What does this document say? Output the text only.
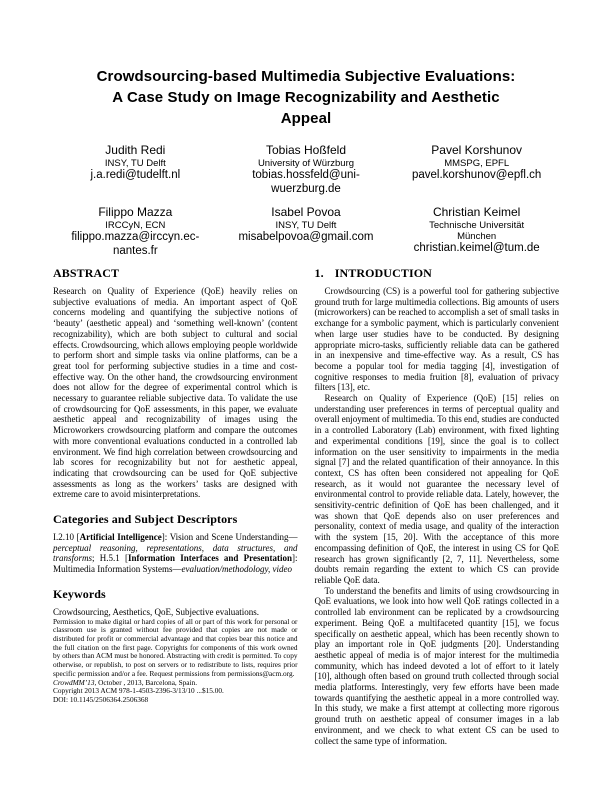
Crowdsourcing-based Multimedia Subjective Evaluations:
A Case Study on Image Recognizability and Aesthetic
Appeal
Judith Redi
INSY, TU Delft
j.a.redi@tudelft.nl
Tobias Hoßfeld
University of Würzburg
tobias.hossfeld@uni-
wuerzburg.de
Pavel Korshunov
MMSPG, EPFL
pavel.korshunov@epfl.ch
Filippo Mazza
IRCCyN, ECN
filippo.mazza@irccyn.ec-
nantes.fr
Isabel Povoa
INSY, TU Delft
misabelpovoa@gmail.com
Christian Keimel
Technische Universität
München
christian.keimel@tum.de
ABSTRACT

Research on Quality of Experience (QoE) heavily relies on subjective evaluations of media. An important aspect of QoE concerns modeling and quantifying the subjective notions of ‘beauty’ (aesthetic appeal) and ‘something well-known’ (content recognizability), which are both subject to cultural and social effects. Crowdsourcing, which allows employing people worldwide to perform short and simple tasks via online platforms, can be a great tool for performing subjective studies in a time and cost-effective way. On the other hand, the crowdsourcing environment does not allow for the degree of experimental control which is necessary to guarantee reliable subjective data. To validate the use of crowdsourcing for QoE assessments, in this paper, we evaluate aesthetic appeal and recognizability of images using the Microworkers crowdsourcing platform and compare the outcomes with more conventional evaluations conducted in a controlled lab environment. We find high correlation between crowdsourcing and lab scores for recognizability but not for aesthetic appeal, indicating that crowdsourcing can be used for QoE subjective assessments as long as the workers’ tasks are designed with extreme care to avoid misinterpretations.

Categories and Subject Descriptors

I.2.10 [Artificial Intelligence]: Vision and Scene Understanding—perceptual reasoning, representations, data structures, and transforms; H.5.1 [Information Interfaces and Presentation]: Multimedia Information Systems—evaluation/methodology, video

Keywords

Crowdsourcing, Aesthetics, QoE, Subjective evaluations.

Permission to make digital or hard copies of all or part of this work for personal or classroom use is granted without fee provided that copies are not made or distributed for profit or commercial advantage and that copies bear this notice and the full citation on the first page. Copyrights for components of this work owned by others than ACM must be honored. Abstracting with credit is permitted. To copy otherwise, or republish, to post on servers or to redistribute to lists, requires prior specific permission and/or a fee. Request permissions from permissions@acm.org.

CrowdMM’13, October , 2013, Barcelona, Spain.

Copyright 2013 ACM 978-1-4503-2396-3/13/10 ...$15.00.

DOI: 10.1145/2506364.2506368

1. INTRODUCTION

Crowdsourcing (CS) is a powerful tool for gathering subjective ground truth for large multimedia collections. Big amounts of users (microworkers) can be reached to accomplish a set of small tasks in exchange for a symbolic payment, which is particularly convenient when large user studies have to be conducted. By designing appropriate micro-tasks, sufficiently reliable data can be gathered in an inexpensive and time-effective way. As a result, CS has become a popular tool for media tagging [4], investigation of cognitive responses to media fruition [8], evaluation of privacy filters [13], etc.

Research on Quality of Experience (QoE) [15] relies on understanding user preferences in terms of perceptual quality and overall enjoyment of multimedia. To this end, studies are conducted in a controlled Laboratory (Lab) environment, with fixed lighting and experimental conditions [19], since the goal is to collect information on the user sensitivity to impairments in the media signal [7] and the related quantification of their annoyance. In this context, CS has often been considered not appealing for QoE research, as it would not guarantee the necessary level of environmental control to provide reliable data. Lately, however, the sensitivity-centric definition of QoE has been challenged, and it was shown that QoE depends also on user preferences and personality, context of media usage, and quality of the interaction with the system [15, 20]. With the acceptance of this more encompassing definition of QoE, the interest in using CS for QoE research has grown significantly [2, 7, 11]. Nevertheless, some doubts remain regarding the extent to which CS can provide reliable QoE data.

To understand the benefits and limits of using crowdsourcing in QoE evaluations, we look into how well QoE ratings collected in a controlled lab environment can be replicated by a crowdsourcing experiment. Being QoE a multifaceted quantity [15], we focus specifically on aesthetic appeal, which has been recently shown to play an important role in QoE judgments [20]. Understanding aesthetic appeal of media is of major interest for the multimedia community, which has indeed devoted a lot of effort to it lately [10], although often based on ground truth collected through social media platforms. Interestingly, very few efforts have been made towards quantifying the aesthetic appeal in a more controlled way. In this study, we make a first attempt at collecting more rigorous ground truth on aesthetic appeal of consumer images in a lab environment, and we check to what extent CS can be used to collect the same type of information.
